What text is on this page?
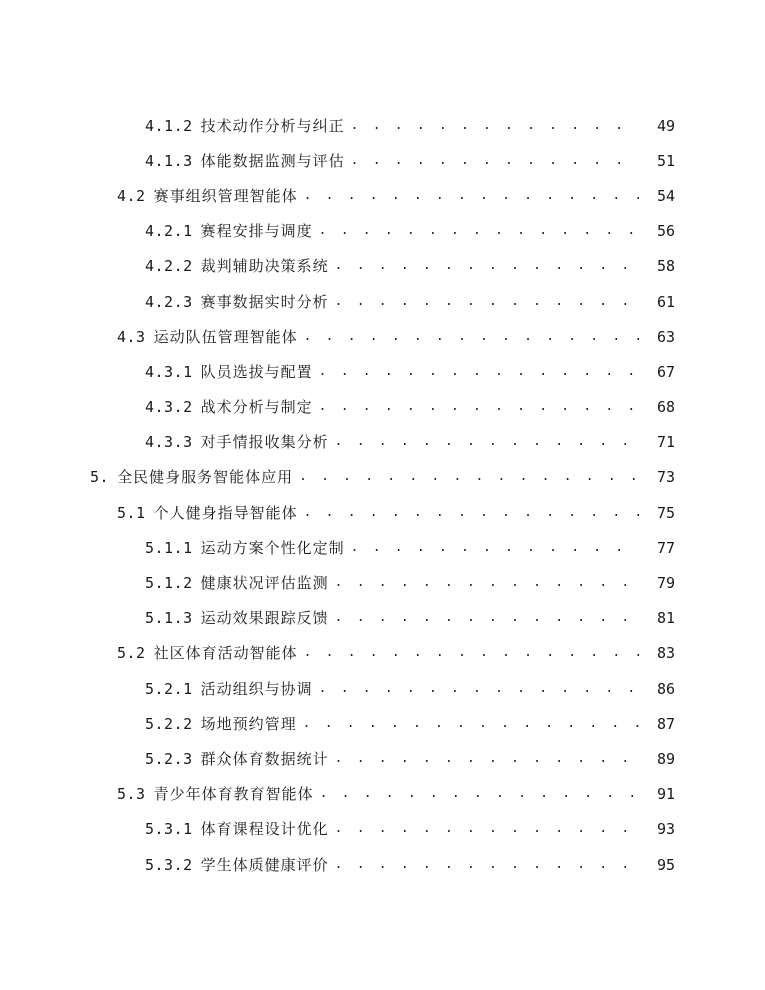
4.1.2 技术动作分析与纠正 . . .	49
4.1.3 体能数据监测与评估 . . .	51
4.2 赛事组织管理智能体 . . .	54
4.2.1 赛程安排与调度 . . .	56
4.2.2 裁判辅助决策系统 . . .	58
4.2.3 赛事数据实时分析 . . .	61
4.3 运动队伍管理智能体 . . .	63
4.3.1 队员选拔与配置 . . .	67
4.3.2 战术分析与制定 . . .	68
4.3.3 对手情报收集分析 . . .	71
5. 全民健身服务智能体应用 . . .	73
5.1 个人健身指导智能体 . . .	75
5.1.1 运动方案个性化定制 . . .	77
5.1.2 健康状况评估监测 . . .	79
5.1.3 运动效果跟踪反馈 . . .	81
5.2 社区体育活动智能体 . . .	83
5.2.1 活动组织与协调 . . .	86
5.2.2 场地预约管理 . . .	87
5.2.3 群众体育数据统计 . . .	89
5.3 青少年体育教育智能体 . . .	91
5.3.1 体育课程设计优化 . . .	93
5.3.2 学生体质健康评价 . . .	95
